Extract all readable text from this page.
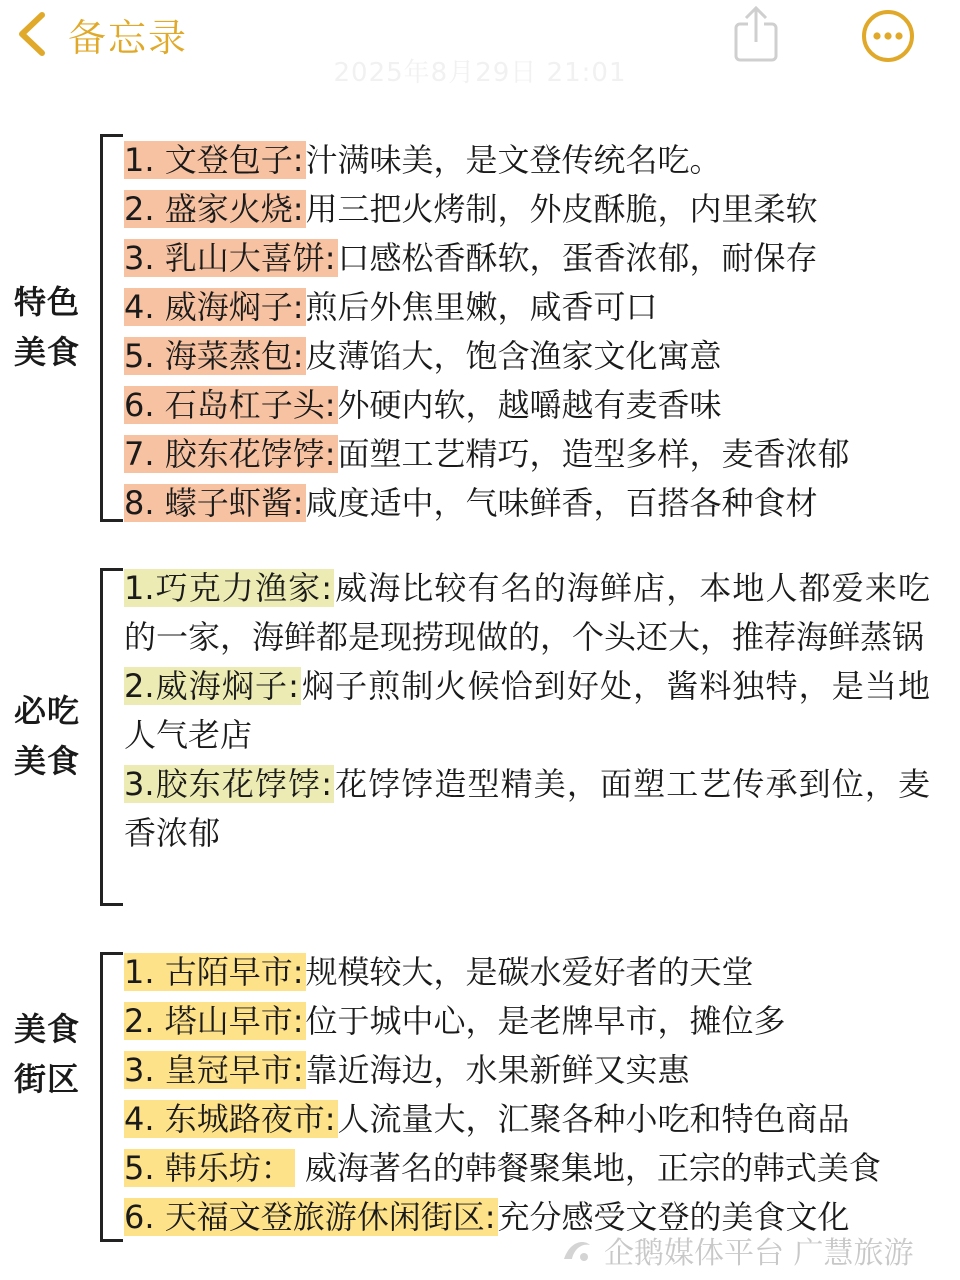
备忘录
2025年8月29日 21:01
特色
美食
1. 文登包子:汁满味美，是文登传统名吃。
2. 盛家火烧:用三把火烤制，外皮酥脆，内里柔软
3. 乳山大喜饼:口感松香酥软，蛋香浓郁，耐保存
4. 威海焖子:煎后外焦里嫩，咸香可口
5. 海菜蒸包:皮薄馅大，饱含渔家文化寓意
6. 石岛杠子头:外硬内软，越嚼越有麦香味
7. 胶东花饽饽:面塑工艺精巧，造型多样，麦香浓郁
8. 蠓子虾酱:咸度适中，气味鲜香，百搭各种食材
必吃
美食
1.巧克力渔家:威海比较有名的海鲜店，本地人都爱来吃的一家，海鲜都是现捞现做的，个头还大，推荐海鲜蒸锅
2.威海焖子:焖子煎制火候恰到好处，酱料独特，是当地人气老店
3.胶东花饽饽:花饽饽造型精美，面塑工艺传承到位，麦香浓郁
美食
街区
1. 古陌早市:规模较大，是碳水爱好者的天堂
2. 塔山早市:位于城中心，是老牌早市，摊位多
3. 皇冠早市:靠近海边，水果新鲜又实惠
4. 东城路夜市:人流量大，汇聚各种小吃和特色商品
5. 韩乐坊： 威海著名的韩餐聚集地，正宗的韩式美食
6. 天福文登旅游休闲街区:充分感受文登的美食文化
企鹅媒体平台 广慧旅游
